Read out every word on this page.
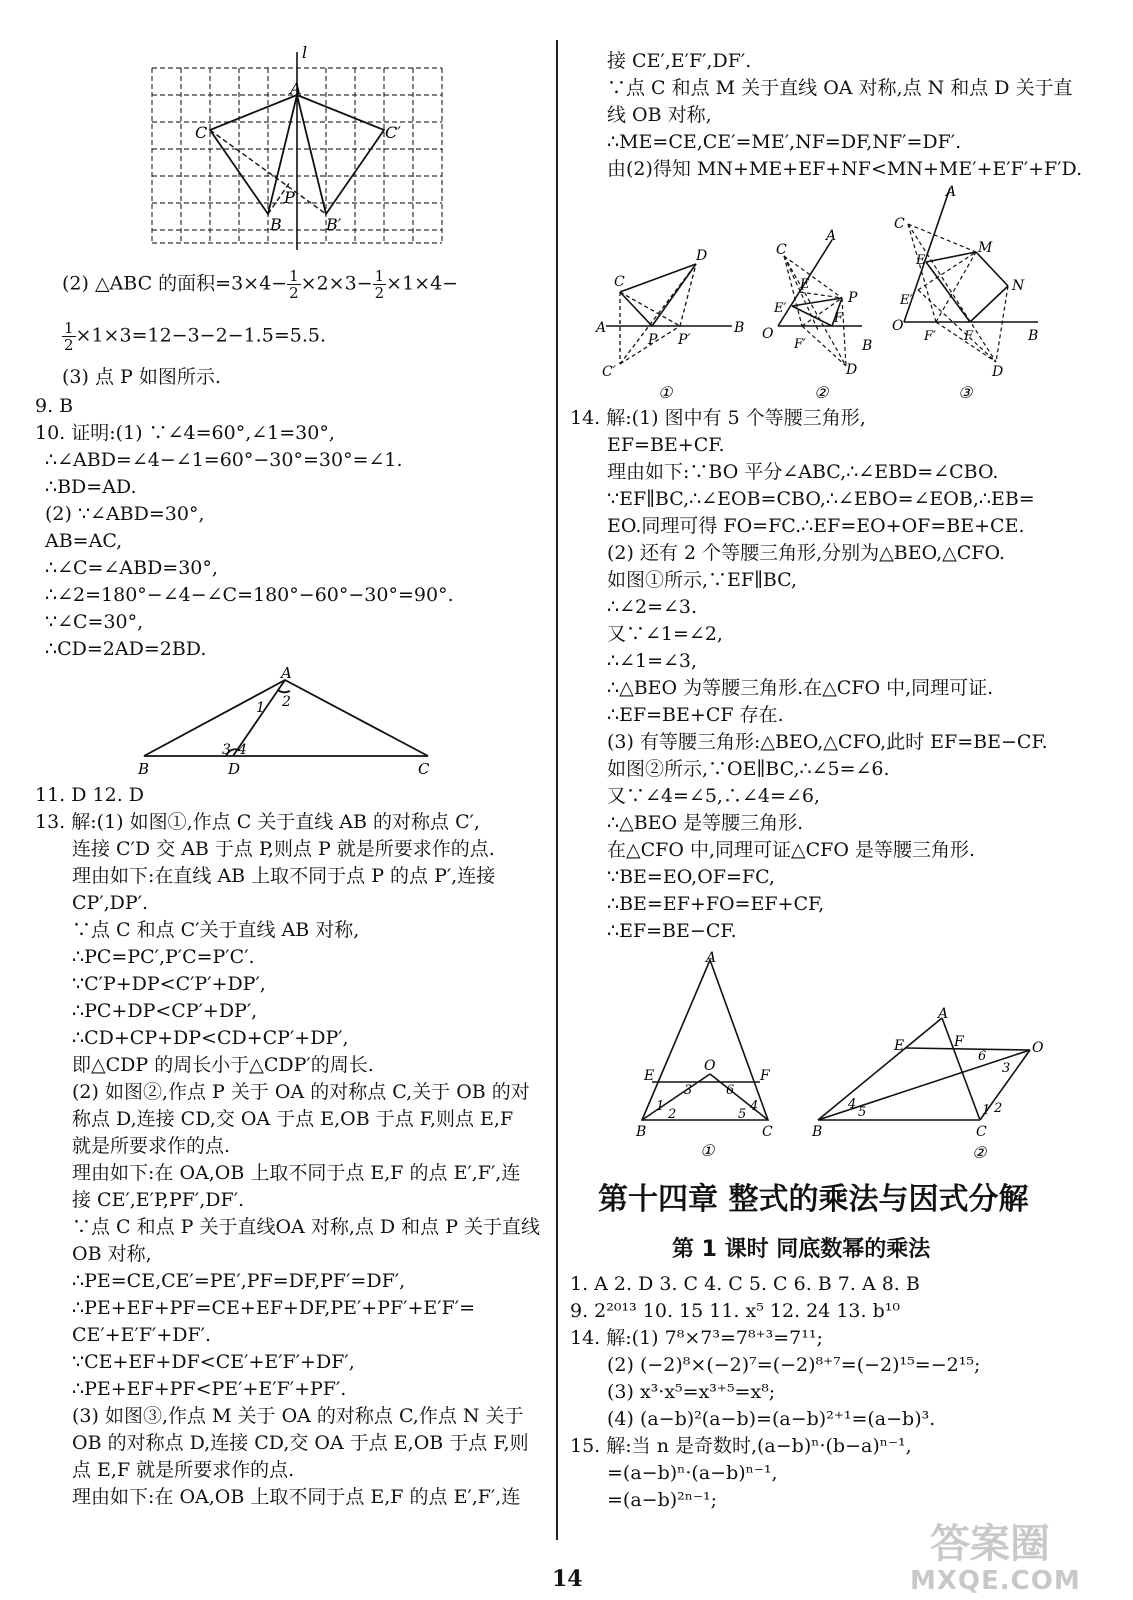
(3) 点 P 如图所示.
9. B
10. 证明:(1) ∵∠4=60°,∠1=30°,
∴∠ABD=∠4−∠1=60°−30°=30°=∠1.
∴BD=AD.
(2) ∵∠ABD=30°,
AB=AC,
∴∠C=∠ABD=30°,
∴∠2=180°−∠4−∠C=180°−60°−30°=90°.
∵∠C=30°,
∴CD=2AD=2BD.
11. D 12. D
13. 解:(1) 如图①,作点 C 关于直线 AB 的对称点 C′,
连接 C′D 交 AB 于点 P,则点 P 就是所要求作的点.
理由如下:在直线 AB 上取不同于点 P 的点 P′,连接
CP′,DP′.
∵点 C 和点 C′关于直线 AB 对称,
∴PC=PC′,P′C=P′C′.
∵C′P+DP<C′P′+DP′,
∴PC+DP<CP′+DP′,
∴CD+CP+DP<CD+CP′+DP′,
即△CDP 的周长小于△CDP′的周长.
(2) 如图②,作点 P 关于 OA 的对称点 C,关于 OB 的对
称点 D,连接 CD,交 OA 于点 E,OB 于点 F,则点 E,F
就是所要求作的点.
理由如下:在 OA,OB 上取不同于点 E,F 的点 E′,F′,连
接 CE′,E′P,PF′,DF′.
∵点 C 和点 P 关于直线OA 对称,点 D 和点 P 关于直线
OB 对称,
∴PE=CE,CE′=PE′,PF=DF,PF′=DF′,
∴PE+EF+PF=CE+EF+DF,PE′+PF′+E′F′=
CE′+E′F′+DF′.
∵CE+EF+DF<CE′+E′F′+DF′,
∴PE+EF+PF<PE′+E′F′+PF′.
(3) 如图③,作点 M 关于 OA 的对称点 C,作点 N 关于
OB 的对称点 D,连接 CD,交 OA 于点 E,OB 于点 F,则
点 E,F 就是所要求作的点.
理由如下:在 OA,OB 上取不同于点 E,F 的点 E′,F′,连
(2) △ABC 的面积$=3\times 4- \frac{1}{2} \times 2\times 3- \frac{1}{2} \times 1\times 4-$
$\frac{1}{2} \times 1\times 3=12-3-2-1.5=5.5$.
接 CE′,E′F′,DF′.
∵点 C 和点 M 关于直线 OA 对称,点 N 和点 D 关于直
线 OB 对称,
∴ME=CE,CE′=ME′,NF=DF,NF′=DF′.
由(2)得知 MN+ME+EF+NF<MN+ME′+E′F′+F′D.
14. 解:(1) 图中有 5 个等腰三角形,
EF=BE+CF.
理由如下:∵BO 平分∠ABC,∴∠EBD=∠CBO.
∵EF∥BC,∴∠EOB=CBO,∴∠EBO=∠EOB,∴EB=
EO.同理可得 FO=FC.∴EF=EO+OF=BE+CE.
(2) 还有 2 个等腰三角形,分别为△BEO,△CFO.
如图①所示,∵EF∥BC,
∴∠2=∠3.
又∵∠1=∠2,
∴∠1=∠3,
∴△BEO 为等腰三角形.在△CFO 中,同理可证.
∴EF=BE+CF 存在.
(3) 有等腰三角形:△BEO,△CFO,此时 EF=BE−CF.
如图②所示,∵OE∥BC,∴∠5=∠6.
又∵∠4=∠5,∴∠4=∠6,
∴△BEO 是等腰三角形.
在△CFO 中,同理可证△CFO 是等腰三角形.
∵BE=EO,OF=FC,
∴BE=EF+FO=EF+CF,
∴EF=BE−CF.
1. A 2. D 3. C 4. C 5. C 6. B 7. A 8. B
9. 2²⁰¹³ 10. 15 11. x⁵ 12. 24 13. b¹⁰
14. 解:(1) 7⁸×7³=7⁸⁺³=7¹¹;
(2) (−2)⁸×(−2)⁷=(−2)⁸⁺⁷=(−2)¹⁵=−2¹⁵;
(3) x³·x⁵=x³⁺⁵=x⁸;
(4) (a−b)²(a−b)=(a−b)²⁺¹=(a−b)³.
15. 解:当 n 是奇数时,(a−b)ⁿ·(b−a)ⁿ⁻¹,
=(a−b)ⁿ·(a−b)ⁿ⁻¹,
=(a−b)²ⁿ⁻¹;
第十四章 整式的乘法与因式分解
第 1 课时 同底数幂的乘法
14
答案圈
MXQE.COM
l
A
C	C′
P
B	B′
A
1 2
3 4
B	D	C
C
D
A	B
P P′
C′
①
C
A
E
P
E′
O
F
F′	B
D
②
A
C
M
E
N
E′
O
F′ F	B
D
③
A
E	F
O
B	C
1
2
3
4
5
6
①
A
E	F	O
B	C
1 2
3
4
5
6
②
